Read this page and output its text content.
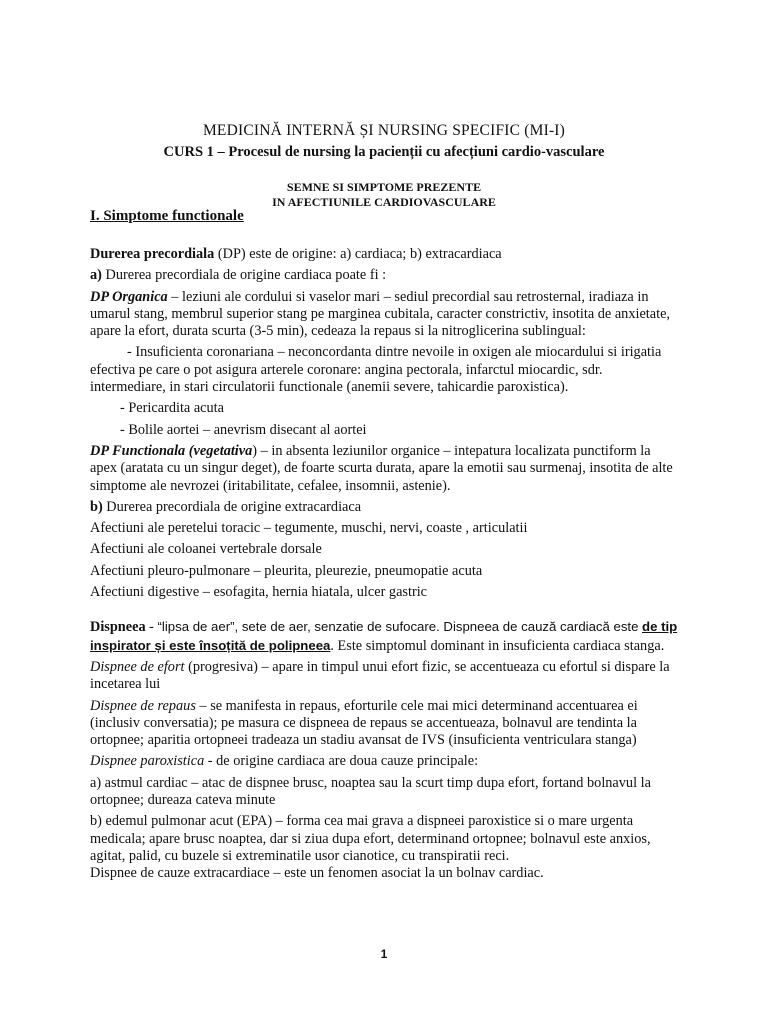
MEDICINĂ INTERNĂ ȘI NURSING SPECIFIC (MI-I)
CURS 1 – Procesul de nursing la pacienții cu afecțiuni cardio-vasculare
SEMNE SI SIMPTOME PREZENTE
IN AFECTIUNILE CARDIOVASCULARE
I. Simptome functionale

Durerea precordiala (DP) este de origine: a) cardiaca; b) extracardiaca

a) Durerea precordiala de origine cardiaca poate fi :

DP Organica – leziuni ale cordului si vaselor mari – sediul precordial sau retrosternal, iradiaza in umarul stang, membrul superior stang pe marginea cubitala, caracter constrictiv, insotita de anxietate, apare la efort, durata scurta (3-5 min), cedeaza la repaus si la nitroglicerina sublingual:

- Insuficienta coronariana – neconcordanta dintre nevoile in oxigen ale miocardului si irigatia efectiva pe care o pot asigura arterele coronare: angina pectorala, infarctul miocardic, sdr. intermediare, in stari circulatorii functionale (anemii severe, tahicardie paroxistica).

- Pericardita acuta

- Bolile aortei – anevrism disecant al aortei

DP Functionala (vegetativa) – in absenta leziunilor organice – intepatura localizata punctiform la apex (aratata cu un singur deget), de foarte scurta durata, apare la emotii sau surmenaj, insotita de alte simptome ale nevrozei (iritabilitate, cefalee, insomnii, astenie).

b) Durerea precordiala de origine extracardiaca

Afectiuni ale peretelui toracic – tegumente, muschi, nervi, coaste , articulatii

Afectiuni ale coloanei vertebrale dorsale

Afectiuni pleuro-pulmonare – pleurita, pleurezie, pneumopatie acuta

Afectiuni digestive – esofagita, hernia hiatala, ulcer gastric

Dispneea - “lipsa de aer”, sete de aer, senzatie de sufocare. Dispneea de cauză cardiacă este de tip inspirator și este însoțită de polipneea. Este simptomul dominant in insuficienta cardiaca stanga.

Dispnee de efort (progresiva) – apare in timpul unui efort fizic, se accentueaza cu efortul si dispare la incetarea lui

Dispnee de repaus – se manifesta in repaus, eforturile cele mai mici determinand accentuarea ei (inclusiv conversatia); pe masura ce dispneea de repaus se accentueaza, bolnavul are tendinta la ortopnee; aparitia ortopneei tradeaza un stadiu avansat de IVS (insuficienta ventriculara stanga)

Dispnee paroxistica - de origine cardiaca are doua cauze principale:

a) astmul cardiac – atac de dispnee brusc, noaptea sau la scurt timp dupa efort, fortand bolnavul la ortopnee; dureaza cateva minute

b) edemul pulmonar acut (EPA) – forma cea mai grava a dispneei paroxistice si o mare urgenta medicala; apare brusc noaptea, dar si ziua dupa efort, determinand ortopnee; bolnavul este anxios, agitat, palid, cu buzele si extreminatile usor cianotice, cu transpiratii reci.

Dispnee de cauze extracardiace – este un fenomen asociat la un bolnav cardiac.

1
